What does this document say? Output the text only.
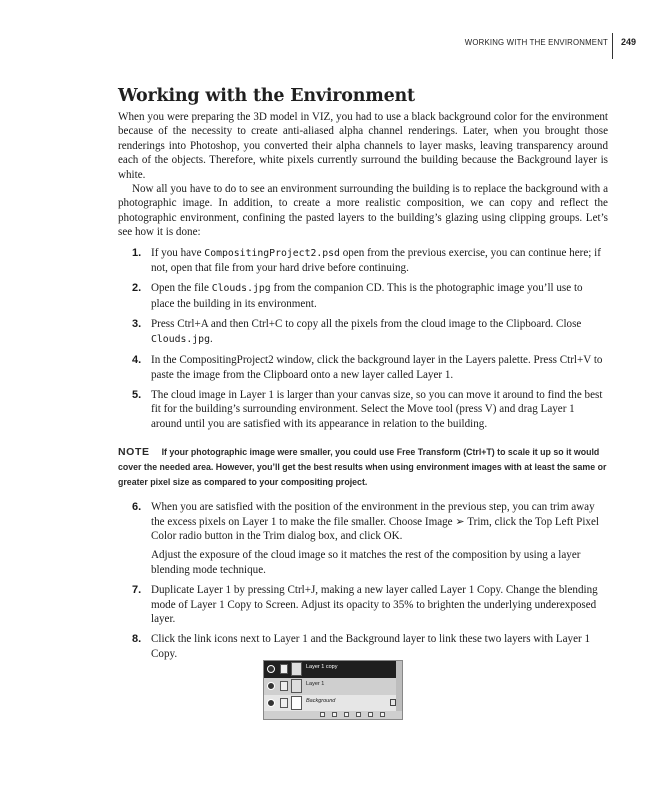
WORKING WITH THE ENVIRONMENT 249
Working with the Environment

When you were preparing the 3D model in VIZ, you had to use a black background color for the environment because of the necessity to create anti-aliased alpha channel renderings. Later, when you brought those renderings into Photoshop, you converted their alpha channels to layer masks, leaving transparency around each of the objects. Therefore, white pixels currently surround the building because the Background layer is white.

Now all you have to do to see an environment surrounding the building is to replace the background with a photographic image. In addition, to create a more realistic composition, we can copy and reflect the photographic environment, confining the pasted layers to the building’s glazing using clipping groups. Let’s see how it is done:

1. If you have CompositingProject2.psd open from the previous exercise, you can continue here; if not, open that file from your hard drive before continuing.

2. Open the file Clouds.jpg from the companion CD. This is the photographic image you’ll use to place the building in its environment.

3. Press Ctrl+A and then Ctrl+C to copy all the pixels from the cloud image to the Clipboard. Close Clouds.jpg.

4. In the CompositingProject2 window, click the background layer in the Layers palette. Press Ctrl+V to paste the image from the Clipboard onto a new layer called Layer 1.

5. The cloud image in Layer 1 is larger than your canvas size, so you can move it around to find the best fit for the building’s surrounding environment. Select the Move tool (press V) and drag Layer 1 around until you are satisfied with its appearance in relation to the building.

NOTE If your photographic image were smaller, you could use Free Transform (Ctrl+T) to scale it up so it would cover the needed area. However, you’ll get the best results when using environment images with at least the same or greater pixel size as compared to your compositing project.
6. When you are satisfied with the position of the environment in the previous step, you can trim away the excess pixels on Layer 1 to make the file smaller. Choose Image ➢ Trim, click the Top Left Pixel Color radio button in the Trim dialog box, and click OK.

Adjust the exposure of the cloud image so it matches the rest of the composition by using a layer blending mode technique.

7. Duplicate Layer 1 by pressing Ctrl+J, making a new layer called Layer 1 Copy. Change the blending mode of Layer 1 Copy to Screen. Adjust its opacity to 35% to brighten the underlying underexposed layer.

8. Click the link icons next to Layer 1 and the Background layer to link these two layers with Layer 1 Copy.

Layer 1 copy
Layer 1
Background
